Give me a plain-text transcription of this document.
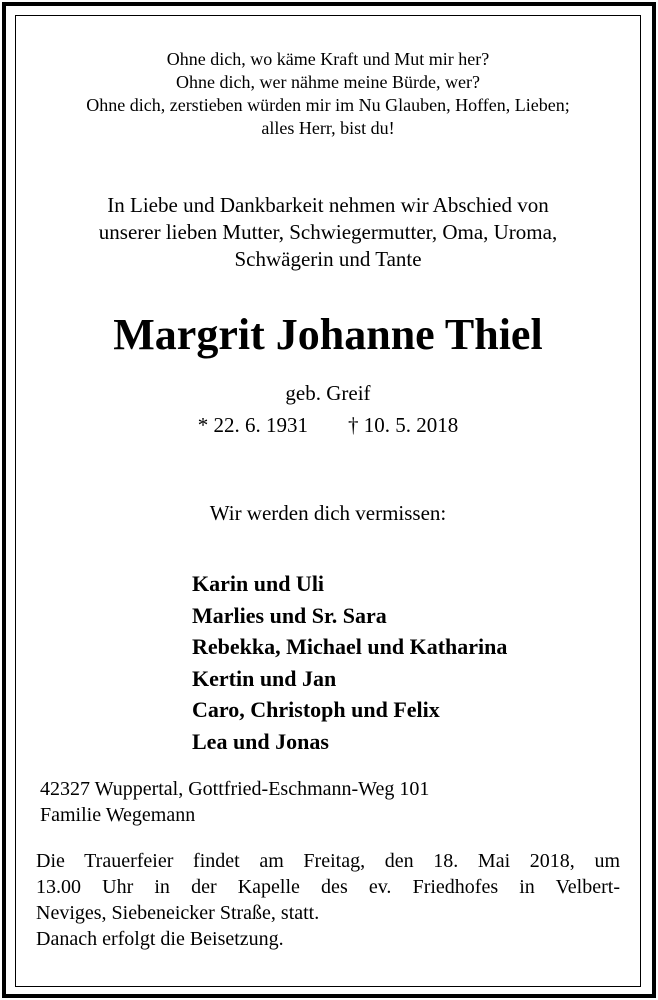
Ohne dich, wo käme Kraft und Mut mir her?
Ohne dich, wer nähme meine Bürde, wer?
Ohne dich, zerstieben würden mir im Nu Glauben, Hoffen, Lieben;
alles Herr, bist du!
In Liebe und Dankbarkeit nehmen wir Abschied von
unserer lieben Mutter, Schwiegermutter, Oma, Uroma,
Schwägerin und Tante
Margrit Johanne Thiel
geb. Greif
* 22. 6. 1931 † 10. 5. 2018
Wir werden dich vermissen:
Karin und Uli
Marlies und Sr. Sara
Rebekka, Michael und Katharina
Kertin und Jan
Caro, Christoph und Felix
Lea und Jonas
42327 Wuppertal, Gottfried-Eschmann-Weg 101
Familie Wegemann
Die Trauerfeier findet am Freitag, den 18. Mai 2018, um
13.00 Uhr in der Kapelle des ev. Friedhofes in Velbert-
Neviges, Siebeneicker Straße, statt.
Danach erfolgt die Beisetzung.
